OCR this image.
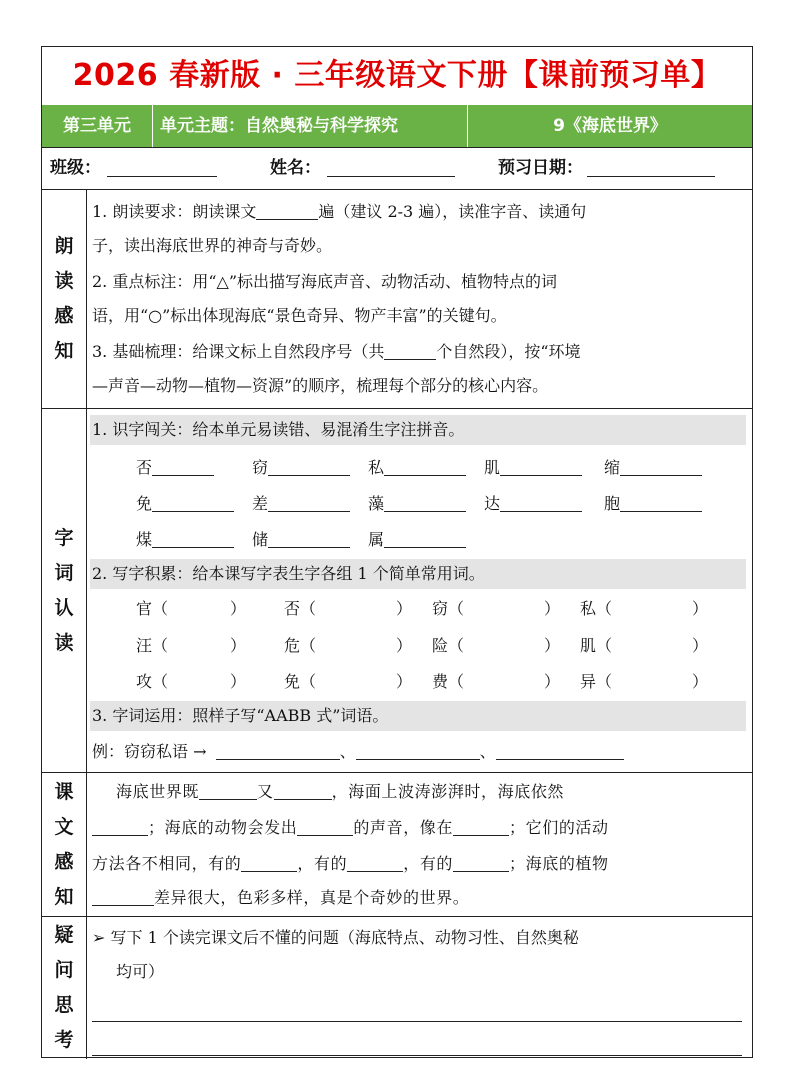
2026 春新版 · 三年级语文下册【课前预习单】
第三单元	单元主题：自然奥秘与科学探究	9《海底世界》
班级：	姓名：	预习日期：
朗
读
感
知
1. 朗读要求：朗读课文	遍（建议 2-3 遍），读准字音、读通句
子，读出海底世界的神奇与奇妙。
2. 重点标注：用“△”标出描写海底声音、动物活动、植物特点的词
语，用“○”标出体现海底“景色奇异、物产丰富”的关键句。
3. 基础梳理：给课文标上自然段序号（共	个自然段），按“环境
—声音—动物—植物—资源”的顺序，梳理每个部分的核心内容。
字
词
认
读
1. 识字闯关：给本单元易读错、易混淆生字注拼音。
否	窃	私	肌	缩
免	差	藻	达	胞
煤	储	属
2. 写字积累：给本课写字表生字各组 1 个简单常用词。
官（	） 否（	） 窃（	） 私（	）
汪（	） 危（	） 险（	） 肌（	）
攻（	） 免（	） 费（	） 异（	）
3. 字词运用：照样子写“AABB 式”词语。
例：窃窃私语 →	、	、
课
文
感
知
海底世界既	又	，海面上波涛澎湃时，海底依然
；海底的动物会发出	的声音，像在	；它们的活动
方法各不相同，有的	，有的	，有的	；海底的植物
差异很大，色彩多样，真是个奇妙的世界。
疑
问
思
考
➢ 写下 1 个读完课文后不懂的问题（海底特点、动物习性、自然奥秘
均可）
